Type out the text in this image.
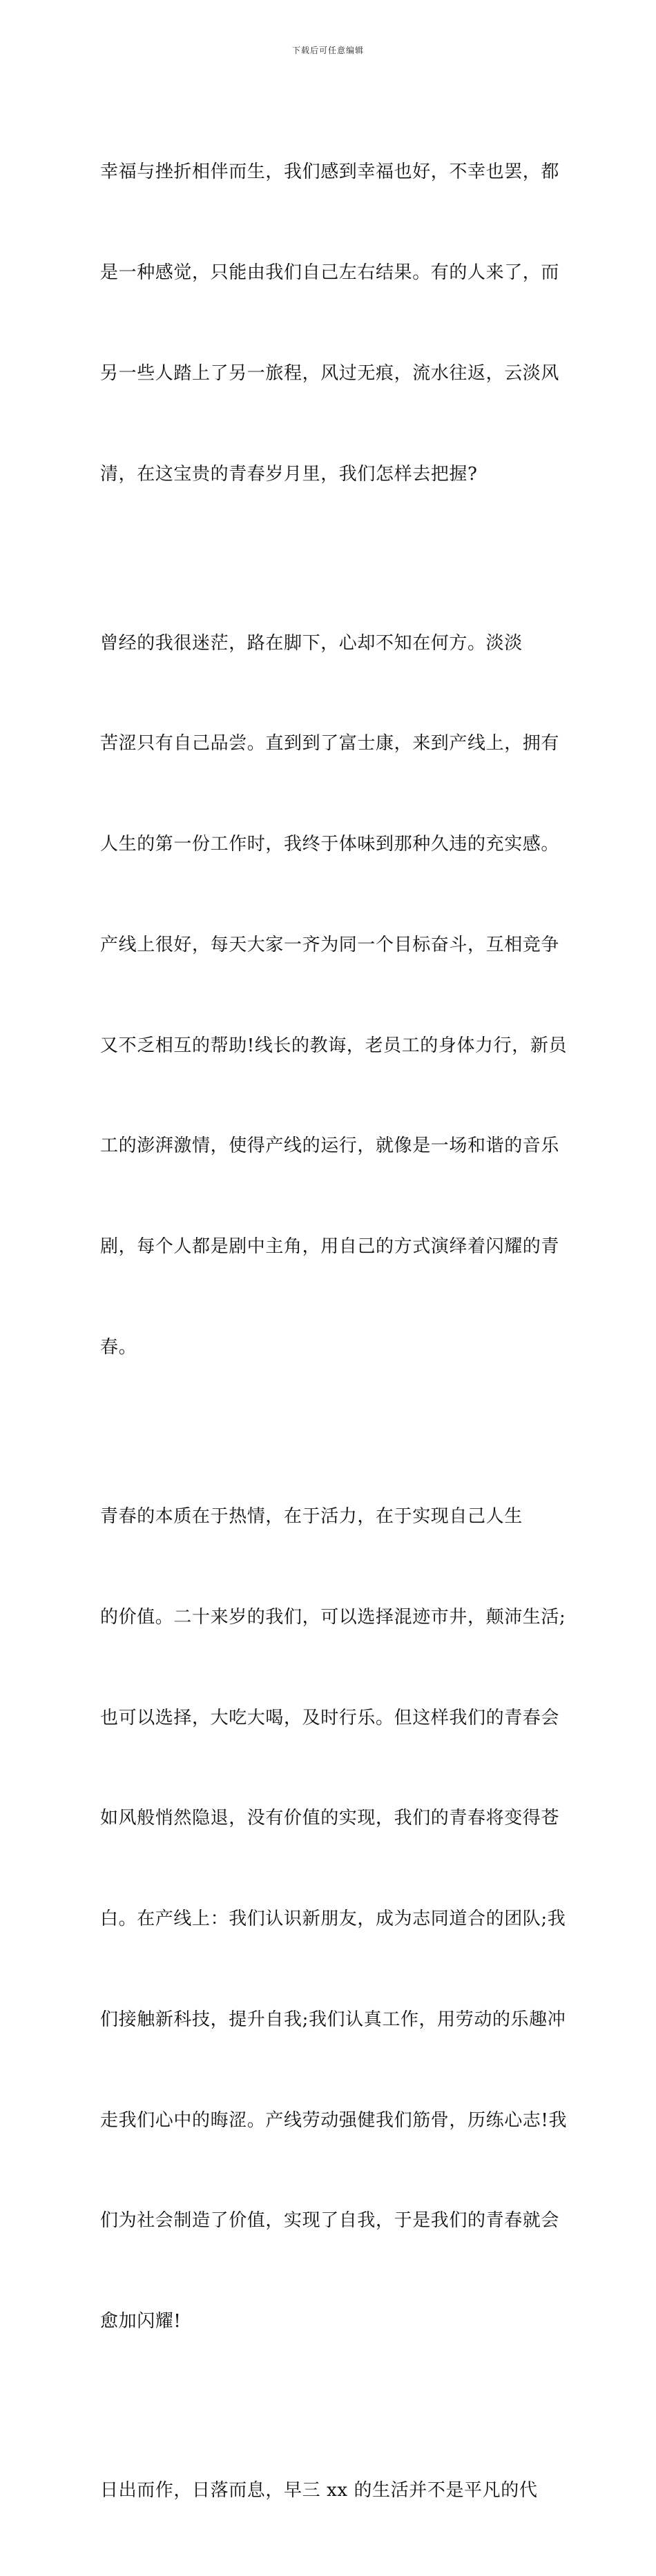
下载后可任意编辑

幸福与挫折相伴而生，我们感到幸福也好，不幸也罢，都

是一种感觉，只能由我们自己左右结果。有的人来了，而

另一些人踏上了另一旅程，风过无痕，流水往返，云淡风

清，在这宝贵的青春岁月里，我们怎样去把握?

曾经的我很迷茫，路在脚下，心却不知在何方。淡淡

苦涩只有自己品尝。直到到了富士康，来到产线上，拥有

人生的第一份工作时，我终于体味到那种久违的充实感。

产线上很好，每天大家一齐为同一个目标奋斗，互相竞争

又不乏相互的帮助!线长的教诲，老员工的身体力行，新员

工的澎湃激情，使得产线的运行，就像是一场和谐的音乐

剧，每个人都是剧中主角，用自己的方式演绎着闪耀的青

春。

青春的本质在于热情，在于活力，在于实现自己人生

的价值。二十来岁的我们，可以选择混迹市井，颠沛生活;

也可以选择，大吃大喝，及时行乐。但这样我们的青春会

如风般悄然隐退，没有价值的实现，我们的青春将变得苍

白。在产线上：我们认识新朋友，成为志同道合的团队;我

们接触新科技，提升自我;我们认真工作，用劳动的乐趣冲

走我们心中的晦涩。产线劳动强健我们筋骨，历练心志!我

们为社会制造了价值，实现了自我，于是我们的青春就会

愈加闪耀!

日出而作，日落而息，早三 xx 的生活并不是平凡的代
